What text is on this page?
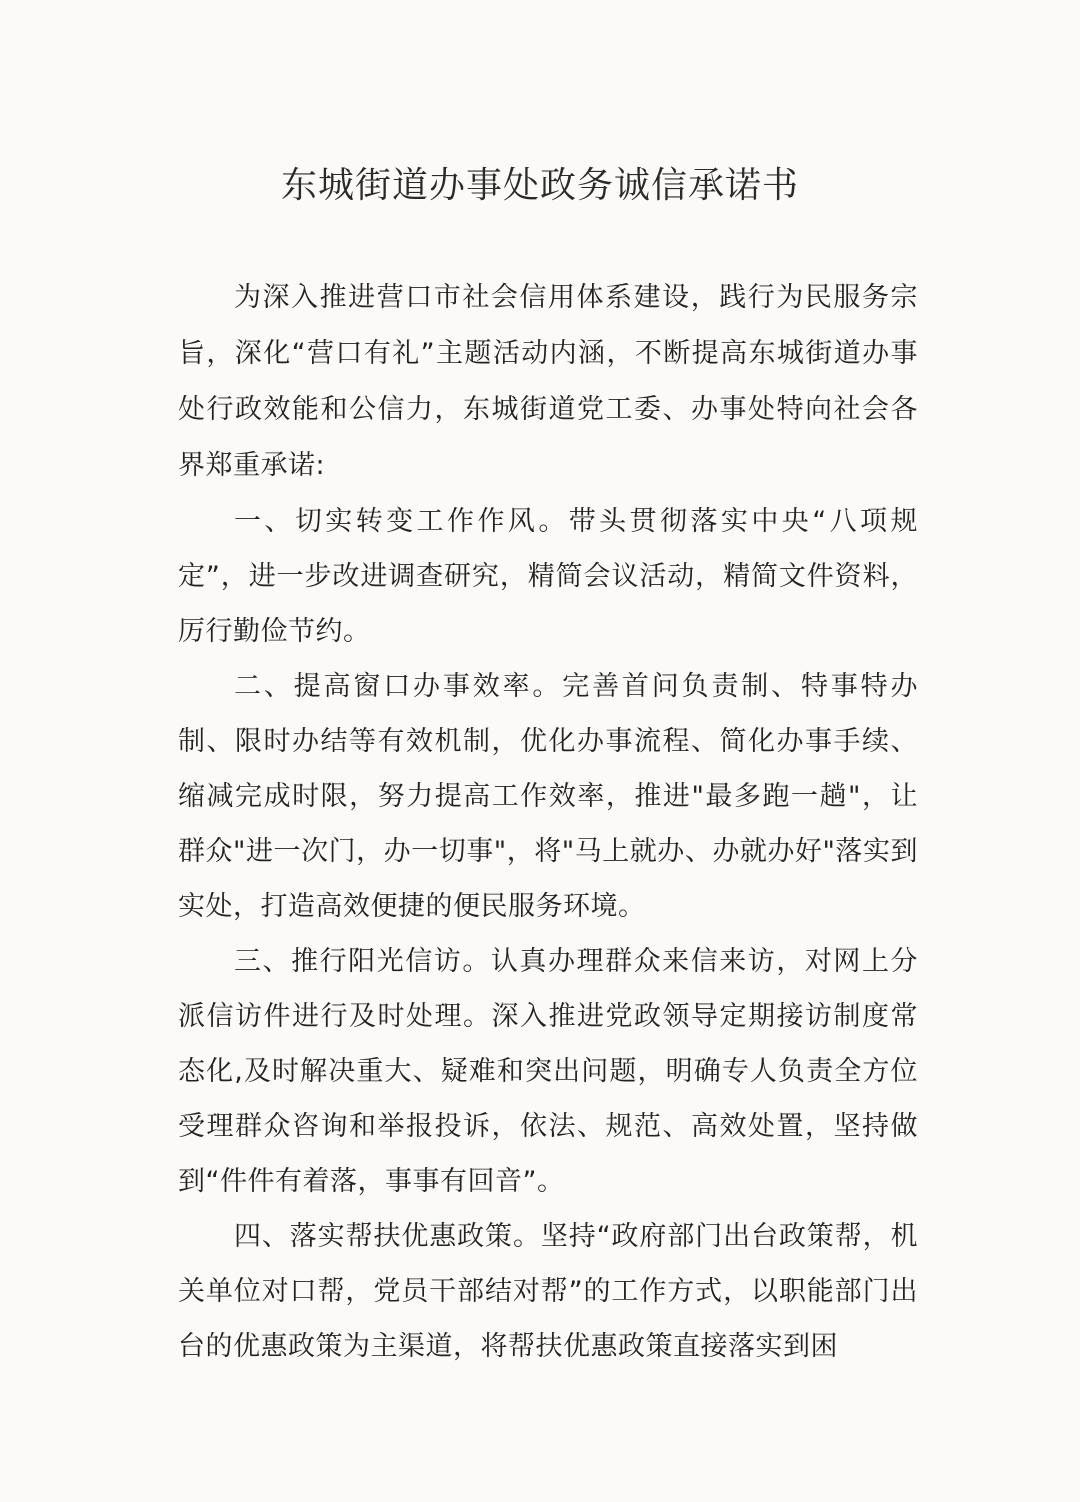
东城街道办事处政务诚信承诺书

为深入推进营口市社会信用体系建设，践行为民服务宗旨，深化“营口有礼”主题活动内涵，不断提高东城街道办事处行政效能和公信力，东城街道党工委、办事处特向社会各界郑重承诺:

一、切实转变工作作风。带头贯彻落实中央“八项规定”，进一步改进调查研究，精简会议活动，精简文件资料，厉行勤俭节约。

二、提高窗口办事效率。完善首问负责制、特事特办制、限时办结等有效机制，优化办事流程、简化办事手续、缩减完成时限，努力提高工作效率，推进"最多跑一趟"，让群众"进一次门，办一切事"，将"马上就办、办就办好"落实到实处，打造高效便捷的便民服务环境。

三、推行阳光信访。认真办理群众来信来访，对网上分派信访件进行及时处理。深入推进党政领导定期接访制度常态化,及时解决重大、疑难和突出问题，明确专人负责全方位受理群众咨询和举报投诉，依法、规范、高效处置，坚持做到“件件有着落，事事有回音”。

四、落实帮扶优惠政策。坚持“政府部门出台政策帮，机关单位对口帮，党员干部结对帮”的工作方式，以职能部门出台的优惠政策为主渠道，将帮扶优惠政策直接落实到困
